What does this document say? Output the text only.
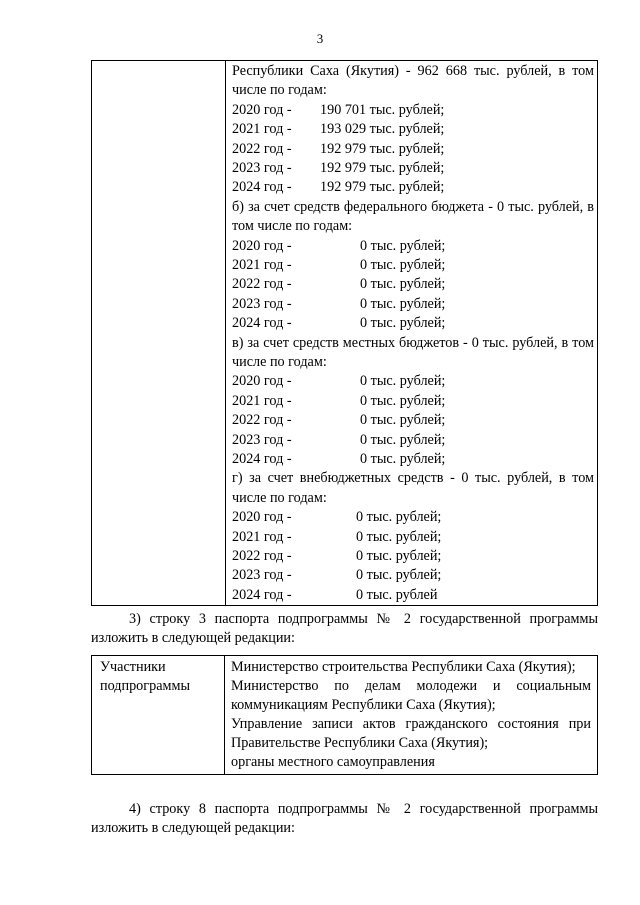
3

Республики Саха (Якутия) - 962 668 тыс. рублей, в том числе по годам:
2020 год - 190 701 тыс. рублей;
2021 год - 193 029 тыс. рублей;
2022 год - 192 979 тыс. рублей;
2023 год - 192 979 тыс. рублей;
2024 год - 192 979 тыс. рублей;
б) за счет средств федерального бюджета - 0 тыс. рублей, в том числе по годам:
2020 год -	0 тыс. рублей;
2021 год -	0 тыс. рублей;
2022 год -	0 тыс. рублей;
2023 год -	0 тыс. рублей;
2024 год -	0 тыс. рублей;
в) за счет средств местных бюджетов - 0 тыс. рублей, в том числе по годам:
2020 год -	0 тыс. рублей;
2021 год -	0 тыс. рублей;
2022 год -	0 тыс. рублей;
2023 год -	0 тыс. рублей;
2024 год -	0 тыс. рублей;
г) за счет внебюджетных средств - 0 тыс. рублей, в том числе по годам:
2020 год -	0 тыс. рублей;
2021 год -	0 тыс. рублей;
2022 год -	0 тыс. рублей;
2023 год -	0 тыс. рублей;
2024 год -	0 тыс. рублей
3) строку 3 паспорта подпрограммы № 2 государственной программы изложить в следующей редакции:
Участники подпрограммы	
Министерство строительства Республики Саха (Якутия);
Министерство по делам молодежи и социальным коммуникациям Республики Саха (Якутия);
Управление записи актов гражданского состояния при Правительстве Республики Саха (Якутия);
органы местного самоуправления
4) строку 8 паспорта подпрограммы № 2 государственной программы изложить в следующей редакции:
